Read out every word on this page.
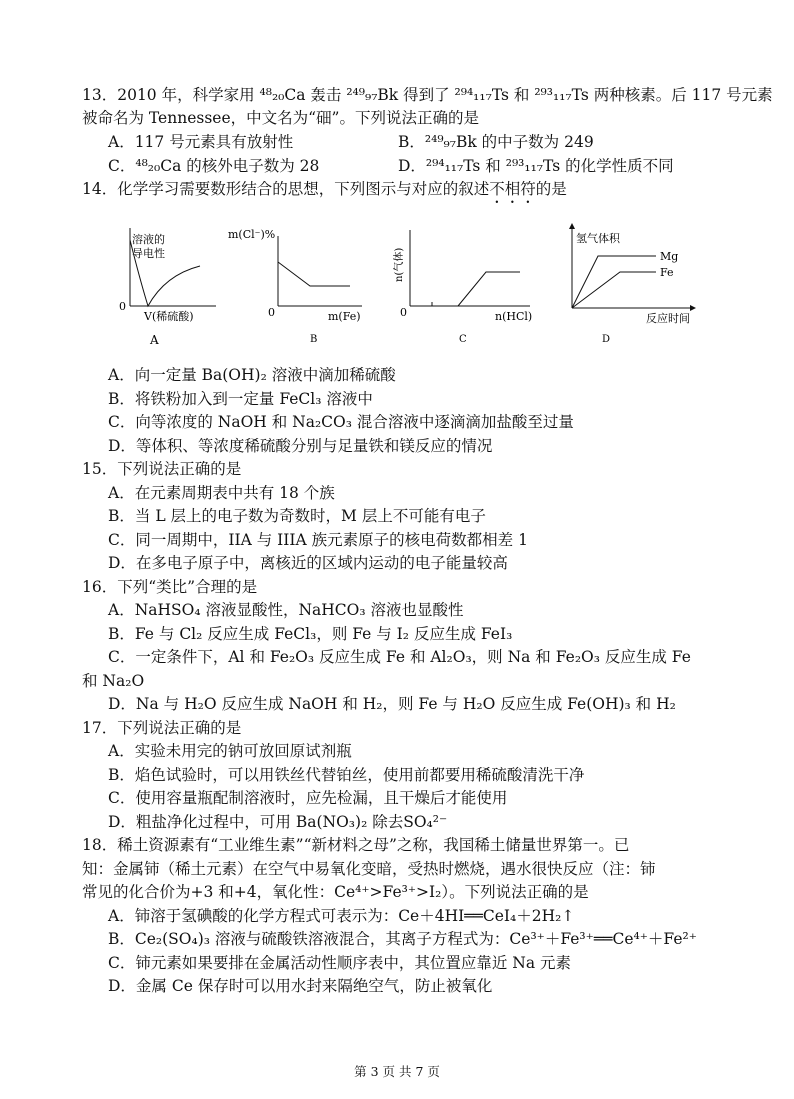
13．2010 年，科学家用 ⁴⁸₂₀Ca 轰击 ²⁴⁹₉₇Bk 得到了 ²⁹⁴₁₁₇Ts 和 ²⁹³₁₁₇Ts 两种核素。后 117 号元素
被命名为 Tennessee，中文名为“鿬”。下列说法正确的是
A．117 号元素具有放射性	B．²⁴⁹₉₇Bk 的中子数为 249
C．⁴⁸₂₀Ca 的核外电子数为 28	D．²⁹⁴₁₁₇Ts 和 ²⁹³₁₁₇Ts 的化学性质不同
14．化学学习需要数形结合的思想，下列图示与对应的叙述不相符的是
溶液的
导电性
0
V(稀硫酸)
A
m(Cl⁻)%
0	m(Fe)
B
n(气体)
0	n(HCl)
C
氢气体积
Mg
Fe
反应时间
D
A．向一定量 Ba(OH)₂ 溶液中滴加稀硫酸
B．将铁粉加入到一定量 FeCl₃ 溶液中
C．向等浓度的 NaOH 和 Na₂CO₃ 混合溶液中逐滴滴加盐酸至过量
D．等体积、等浓度稀硫酸分别与足量铁和镁反应的情况
15．下列说法正确的是
A．在元素周期表中共有 18 个族
B．当 L 层上的电子数为奇数时，M 层上不可能有电子
C．同一周期中，IIA 与 IIIA 族元素原子的核电荷数都相差 1
D．在多电子原子中，离核近的区域内运动的电子能量较高
16．下列“类比”合理的是
A．NaHSO₄ 溶液显酸性，NaHCO₃ 溶液也显酸性
B．Fe 与 Cl₂ 反应生成 FeCl₃，则 Fe 与 I₂ 反应生成 FeI₃
C．一定条件下，Al 和 Fe₂O₃ 反应生成 Fe 和 Al₂O₃，则 Na 和 Fe₂O₃ 反应生成 Fe
和 Na₂O
D．Na 与 H₂O 反应生成 NaOH 和 H₂，则 Fe 与 H₂O 反应生成 Fe(OH)₃ 和 H₂
17．下列说法正确的是
A．实验未用完的钠可放回原试剂瓶
B．焰色试验时，可以用铁丝代替铂丝，使用前都要用稀硫酸清洗干净
C．使用容量瓶配制溶液时，应先检漏，且干燥后才能使用
D．粗盐净化过程中，可用 Ba(NO₃)₂ 除去SO₄²⁻
18．稀土资源素有“工业维生素”“新材料之母”之称，我国稀土储量世界第一。已
知：金属铈（稀土元素）在空气中易氧化变暗，受热时燃烧，遇水很快反应（注：铈
常见的化合价为+3 和+4，氧化性：Ce⁴⁺>Fe³⁺>I₂）。下列说法正确的是
A．铈溶于氢碘酸的化学方程式可表示为：Ce＋4HI══CeI₄＋2H₂↑
B．Ce₂(SO₄)₃ 溶液与硫酸铁溶液混合，其离子方程式为：Ce³⁺＋Fe³⁺══Ce⁴⁺＋Fe²⁺
C．铈元素如果要排在金属活动性顺序表中，其位置应靠近 Na 元素
D．金属 Ce 保存时可以用水封来隔绝空气，防止被氧化
第 3 页 共 7 页
